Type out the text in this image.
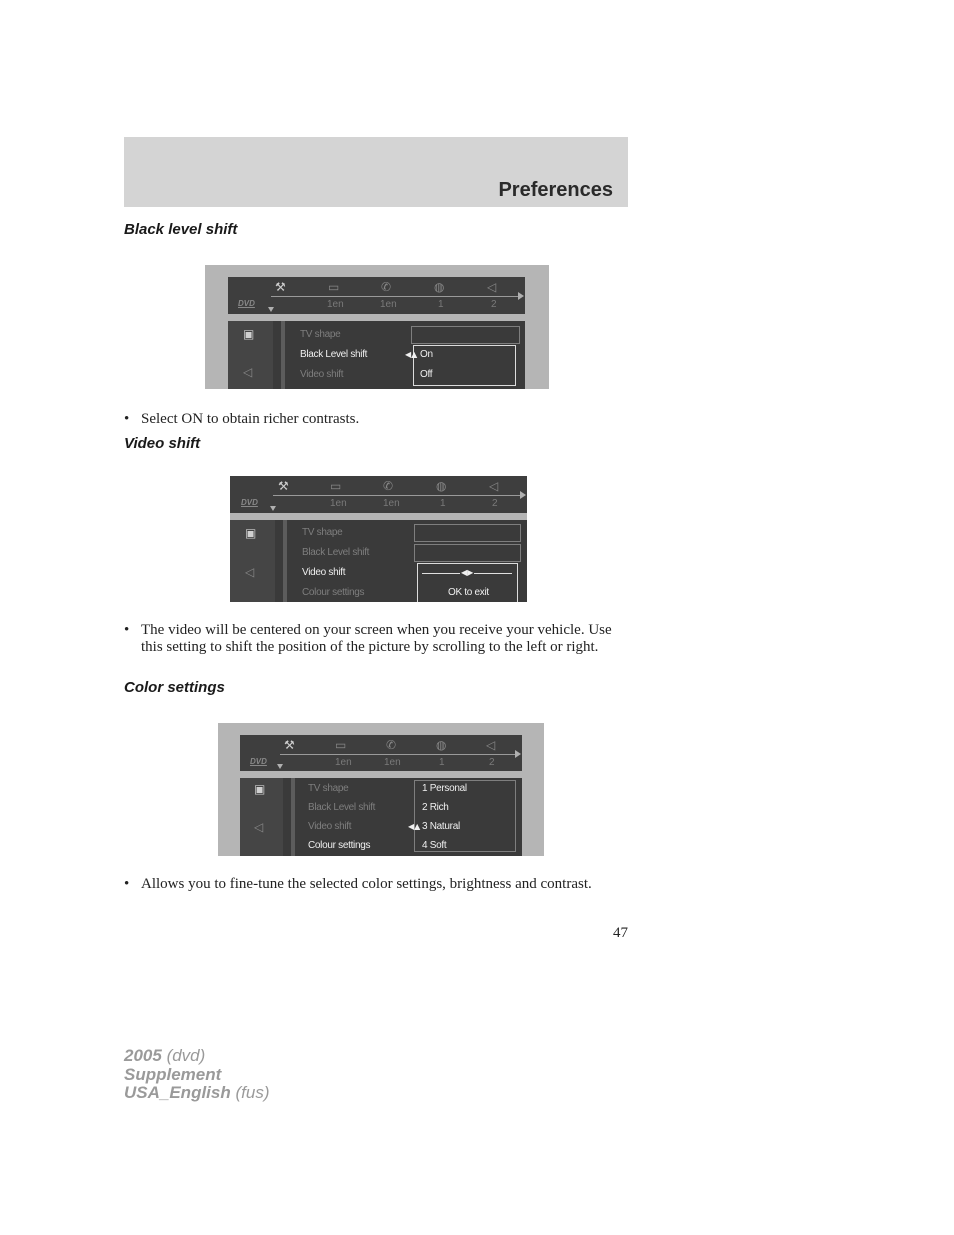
Preferences
Black level shift
⚒	▭	✆	◍	◁
DVD	1en	1en	1	2
▣
◁
TV shape
Black Level shift
Video shift
◀▲ On
Off
• Select ON to obtain richer contrasts.
Video shift
⚒	▭	✆	◍	◁
DVD	1en	1en	1	2
▣
◁
TV shape
Black Level shift
Video shift
Colour settings
◀▶
OK to exit
• The video will be centered on your screen when you receive your vehicle. Use this setting to shift the position of the picture by scrolling to the left or right.
Color settings
⚒	▭	✆	◍	◁
DVD	1en	1en	1	2
▣
◁
TV shape
Black Level shift
Video shift
Colour settings
◀▲
1 Personal
2 Rich
3 Natural
4 Soft
• Allows you to fine-tune the selected color settings, brightness and contrast.
47
2005 (dvd)
Supplement
USA_English (fus)
